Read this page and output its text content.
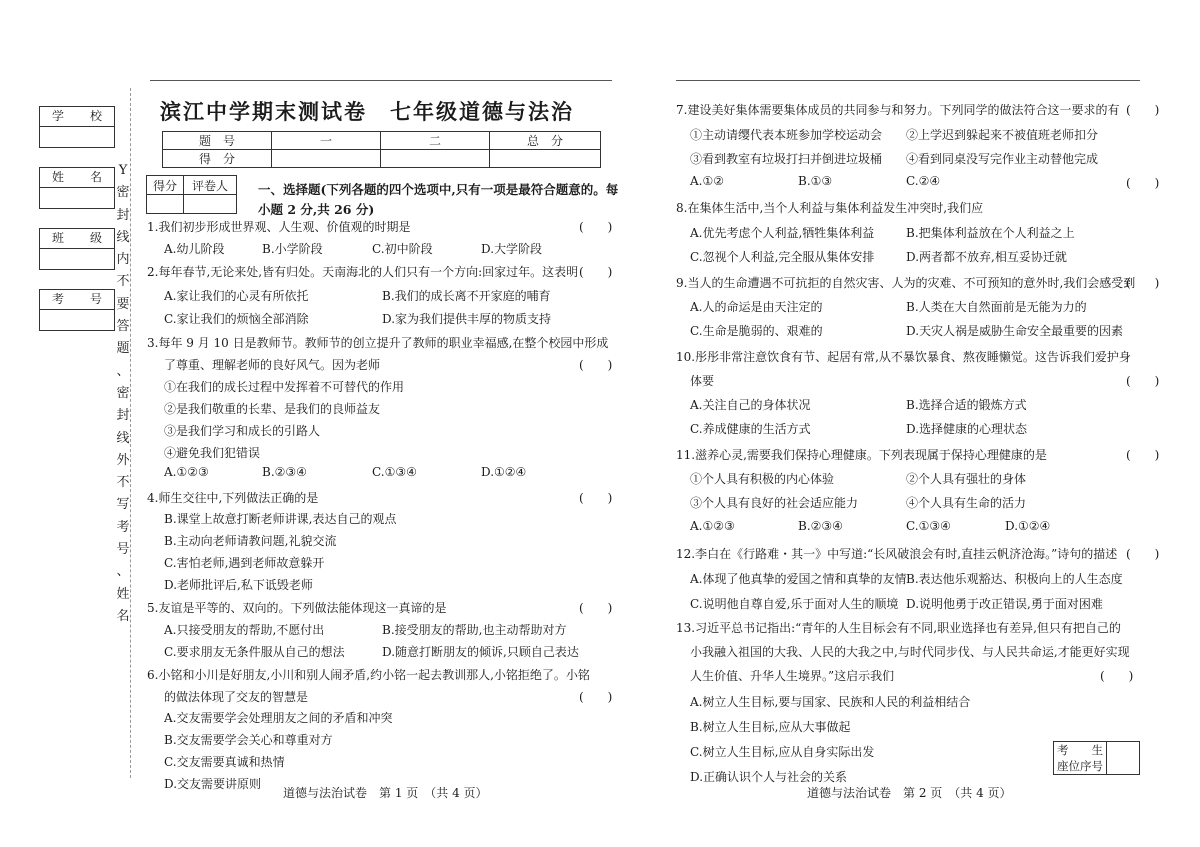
学 校
姓 名
班 级
考 号
Y
密
封
线
内
不
要
答
题
、
密
封
线
外
不
写
考
号
、
姓
名
滨江中学期末测试卷　七年级道德与法治
题　号	一	二	总　分
得　分			
得分	评卷人
	一、选择题(下列各题的四个选项中,只有一项是最符合题意的。每
小题 2 分,共 26 分)
1.我们初步形成世界观、人生观、价值观的时期是
A.幼儿阶段	B.小学阶段	C.初中阶段	D.大学阶段
2.每年春节,无论来处,皆有归处。天南海北的人们只有一个方向:回家过年。这表明
A.家让我们的心灵有所依托	B.我们的成长离不开家庭的哺育
C.家让我们的烦恼全部消除	D.家为我们提供丰厚的物质支持
3.每年 9 月 10 日是教师节。教师节的创立提升了教师的职业幸福感,在整个校园中形成
了尊重、理解老师的良好风气。因为老师
①在我们的成长过程中发挥着不可替代的作用
②是我们敬重的长辈、是我们的良师益友
③是我们学习和成长的引路人
④避免我们犯错误
A.①②③	B.②③④	C.①③④	D.①②④
4.师生交往中,下列做法正确的是
B.课堂上故意打断老师讲课,表达自己的观点
B.主动向老师请教问题,礼貌交流
C.害怕老师,遇到老师故意躲开
D.老师批评后,私下诋毁老师
5.友谊是平等的、双向的。下列做法能体现这一真谛的是
A.只接受朋友的帮助,不愿付出	B.接受朋友的帮助,也主动帮助对方
C.要求朋友无条件服从自己的想法	D.随意打断朋友的倾诉,只顾自己表达
6.小铭和小川是好朋友,小川和别人闹矛盾,约小铭一起去教训那人,小铭拒绝了。小铭
的做法体现了交友的智慧是
A.交友需要学会处理朋友之间的矛盾和冲突
B.交友需要学会关心和尊重对方
C.交友需要真诚和热情
D.交友需要讲原则
(　　)
(　　)
(　　)
(　　)
(　　)
(　　)
道德与法治试卷　第 1 页　（共 4 页）
7.建设美好集体需要集体成员的共同参与和努力。下列同学的做法符合这一要求的有
①主动请缨代表本班参加学校运动会 ②上学迟到躲起来不被值班老师扣分
③看到教室有垃圾打扫并倒进垃圾桶 ④看到同桌没写完作业主动替他完成
A.①②	B.①③	C.②④
8.在集体生活中,当个人利益与集体利益发生冲突时,我们应
A.优先考虑个人利益,牺牲集体利益	B.把集体利益放在个人利益之上
C.忽视个人利益,完全服从集体安排	D.两者都不放弃,相互妥协迁就
9.当人的生命遭遇不可抗拒的自然灾害、人为的灾难、不可预知的意外时,我们会感受到
A.人的命运是由天注定的	B.人类在大自然面前是无能为力的
C.生命是脆弱的、艰难的	D.天灾人祸是威胁生命安全最重要的因素
10.彤彤非常注意饮食有节、起居有常,从不暴饮暴食、熬夜睡懒觉。这告诉我们爱护身
体要
A.关注自己的身体状况	B.选择合适的锻炼方式
C.养成健康的生活方式	D.选择健康的心理状态
11.滋养心灵,需要我们保持心理健康。下列表现属于保持心理健康的是
①个人具有积极的内心体验	②个人具有强壮的身体
③个人具有良好的社会适应能力	④个人具有生命的活力
A.①②③	B.②③④	C.①③④	D.①②④
12.李白在《行路难・其一》中写道:“长风破浪会有时,直挂云帆济沧海。”诗句的描述
A.体现了他真挚的爱国之情和真挚的友情 B.表达他乐观豁达、积极向上的人生态度
C.说明他自尊自爱,乐于面对人生的顺境 D.说明他勇于改正错误,勇于面对困难
13.习近平总书记指出:“青年的人生目标会有不同,职业选择也有差异,但只有把自己的
小我融入祖国的大我、人民的大我之中,与时代同步伐、与人民共命运,才能更好实现
人生价值、升华人生境界。”这启示我们
A.树立人生目标,要与国家、民族和人民的利益相结合
B.树立人生目标,应从大事做起
C.树立人生目标,应从自身实际出发
D.正确认识个人与社会的关系
(　　)
(　　)
(　　)
(　　)
(　　)
(　　)
(　　)
考　　生
座位序号

道德与法治试卷　第 2 页　（共 4 页）
